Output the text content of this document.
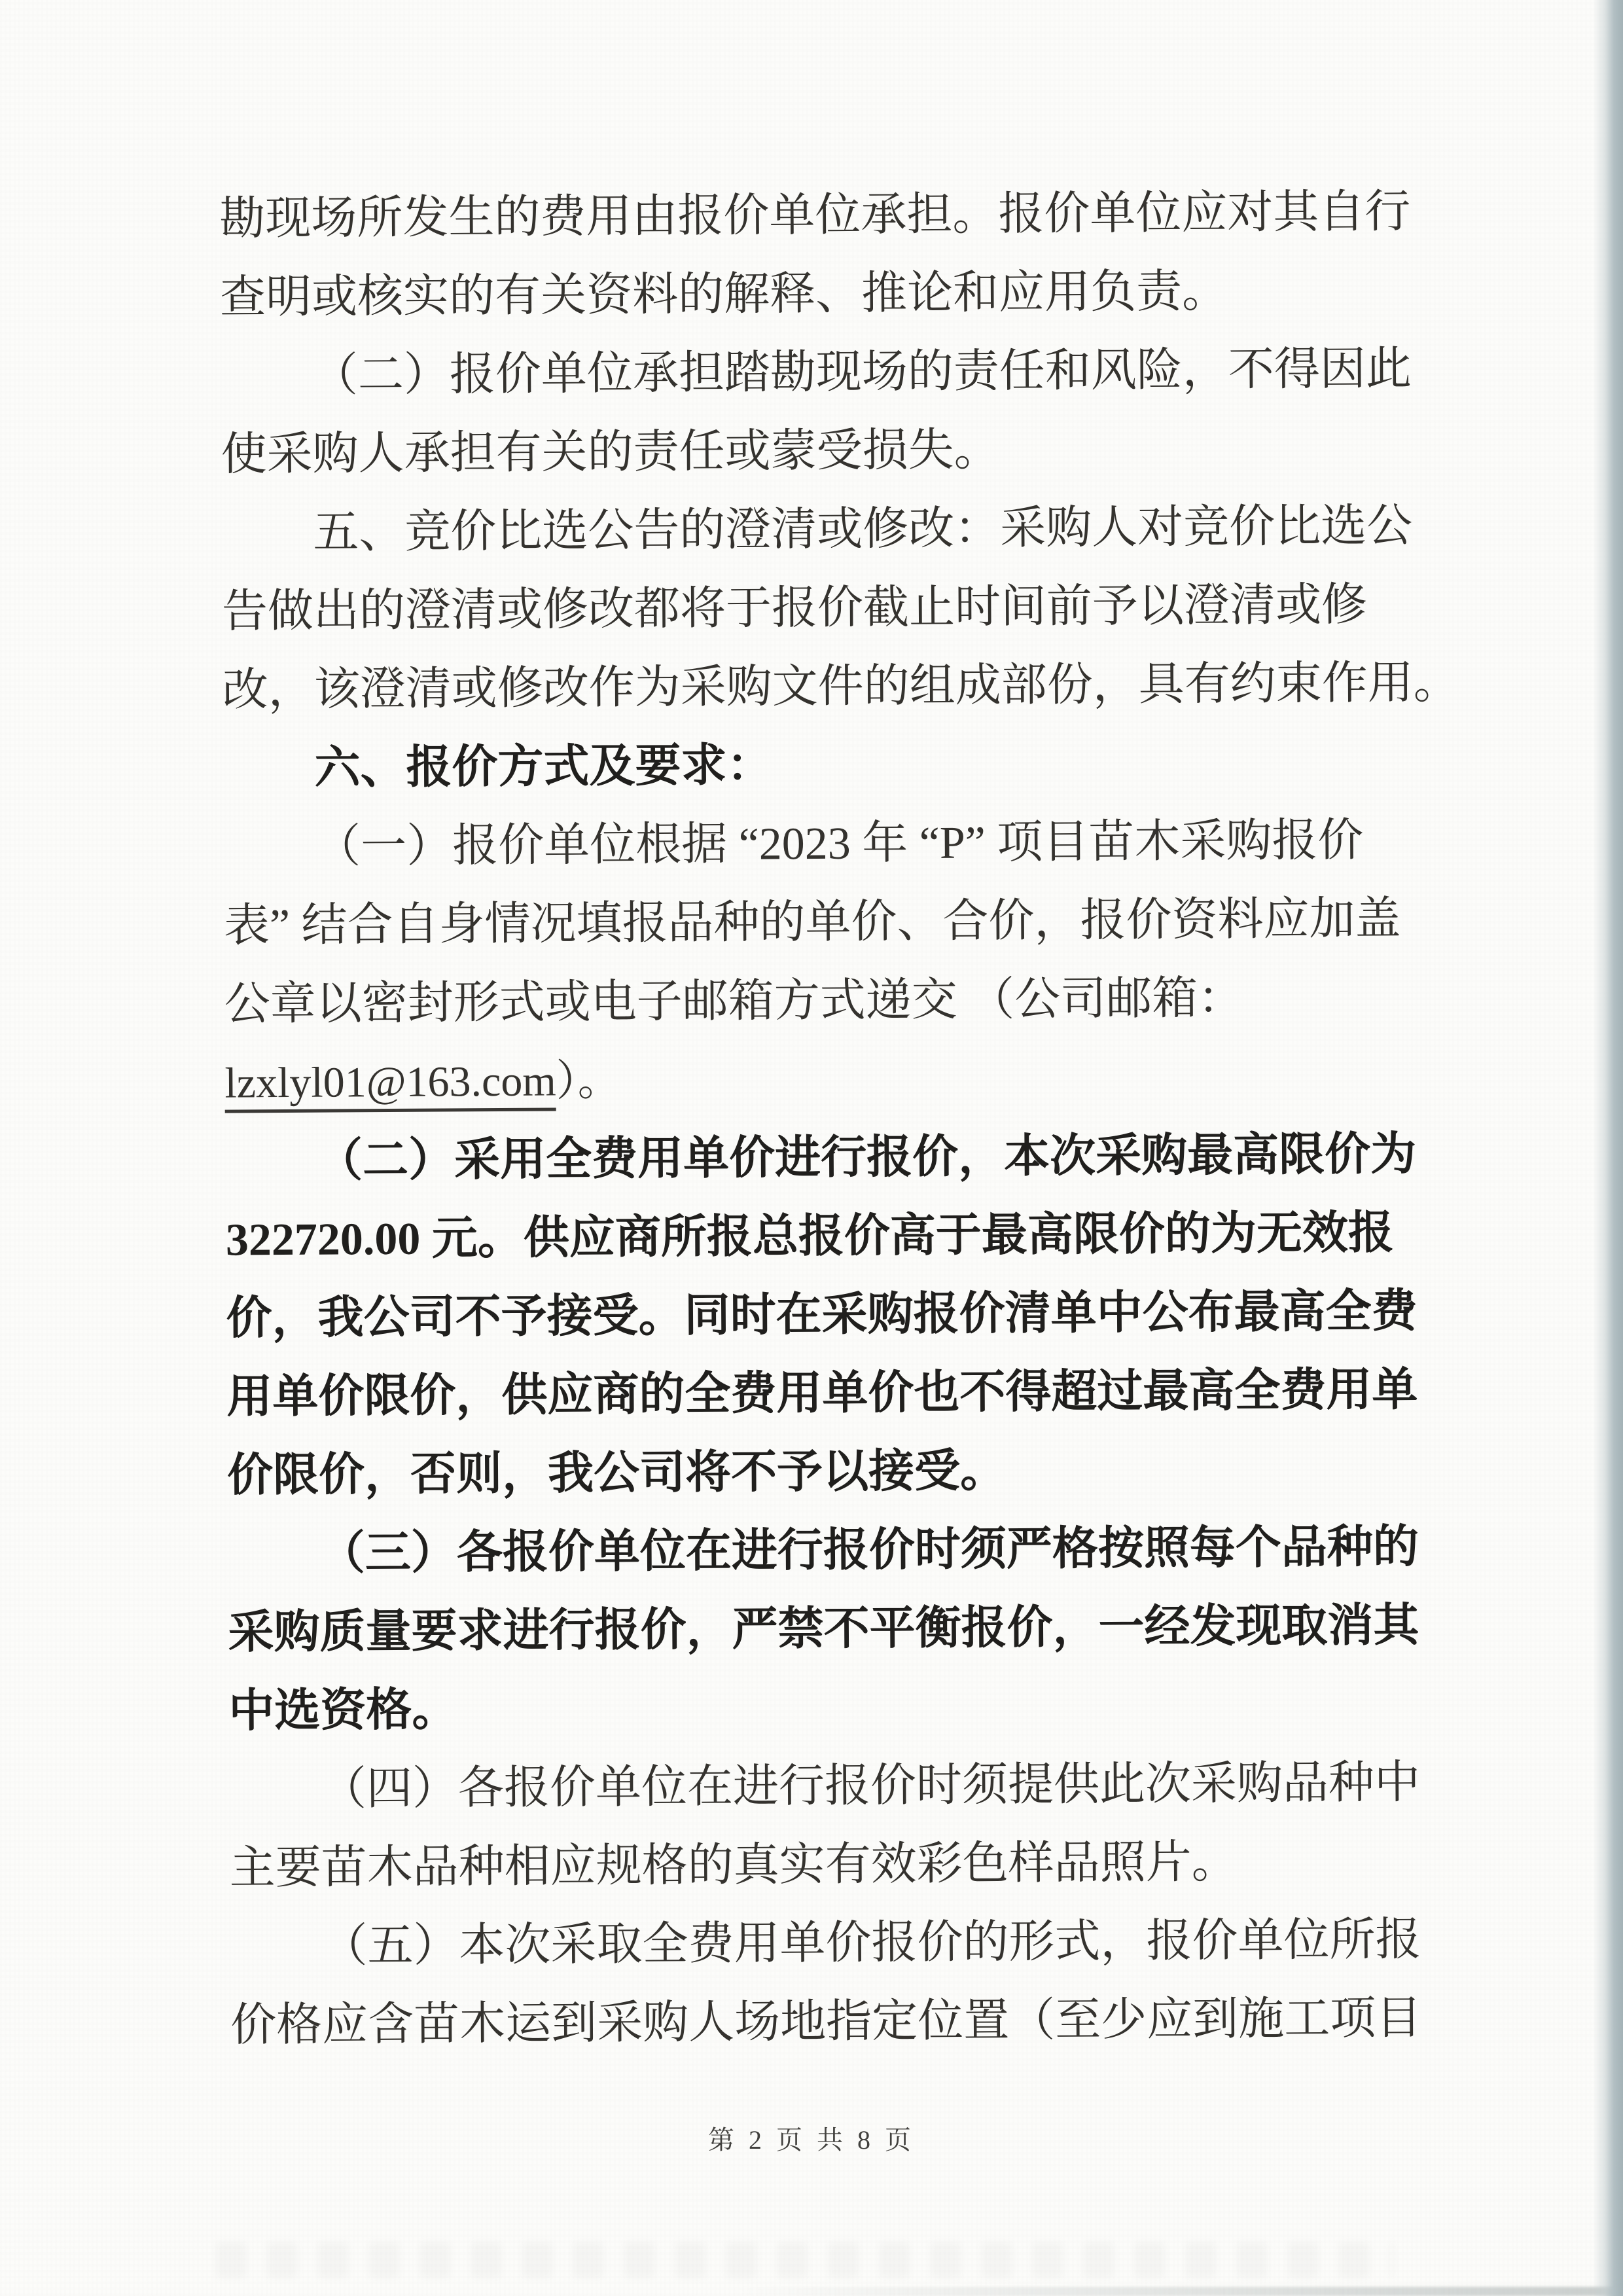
勘现场所发生的费用由报价单位承担。报价单位应对其自行
查明或核实的有关资料的解释、推论和应用负责。
（二）报价单位承担踏勘现场的责任和风险，不得因此
使采购人承担有关的责任或蒙受损失。
五、竞价比选公告的澄清或修改：采购人对竞价比选公
告做出的澄清或修改都将于报价截止时间前予以澄清或修
改，该澄清或修改作为采购文件的组成部份，具有约束作用。
六、报价方式及要求：
（一）报价单位根据 “2023 年 “P” 项目苗木采购报价
表” 结合自身情况填报品种的单价、合价，报价资料应加盖
公章以密封形式或电子邮箱方式递交 （公司邮箱：
lzxlyl01@163.com）。
（二）采用全费用单价进行报价，本次采购最高限价为
322720.00 元。供应商所报总报价高于最高限价的为无效报
价，我公司不予接受。同时在采购报价清单中公布最高全费
用单价限价，供应商的全费用单价也不得超过最高全费用单
价限价，否则，我公司将不予以接受。
（三）各报价单位在进行报价时须严格按照每个品种的
采购质量要求进行报价，严禁不平衡报价，一经发现取消其
中选资格。
（四）各报价单位在进行报价时须提供此次采购品种中
主要苗木品种相应规格的真实有效彩色样品照片。
（五）本次采取全费用单价报价的形式，报价单位所报
价格应含苗木运到采购人场地指定位置（至少应到施工项目
第 2 页 共 8 页
